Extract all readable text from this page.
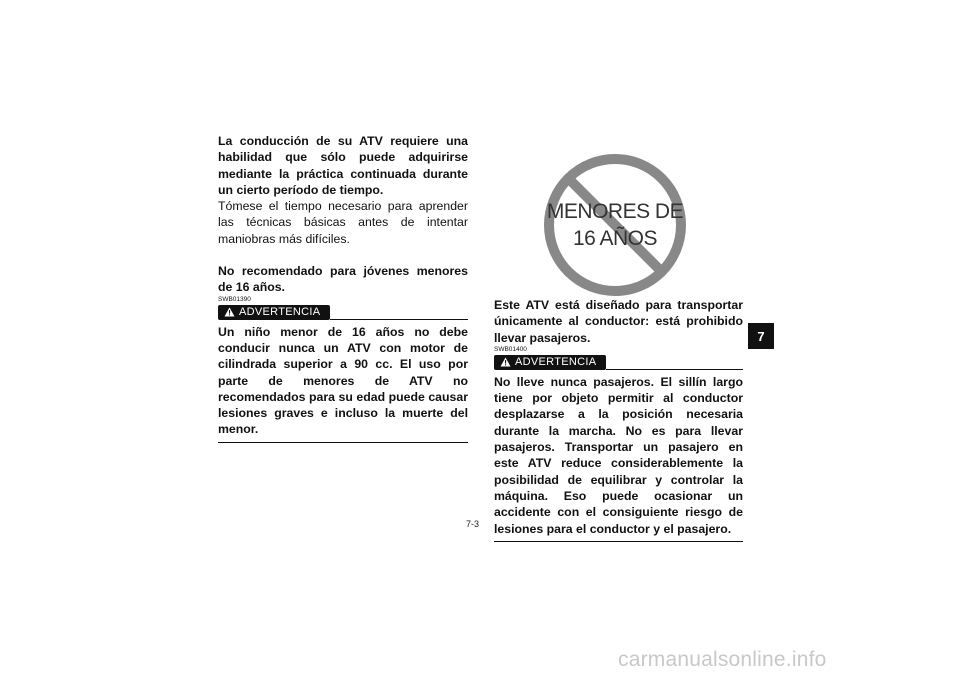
La conducción de su ATV requiere una habilidad que sólo puede adquirirse mediante la práctica continuada durante un cierto período de tiempo.

Tómese el tiempo necesario para aprender las técnicas básicas antes de intentar maniobras más difíciles.

No recomendado para jóvenes menores de 16 años.

SWB01390

ADVERTENCIA

Un niño menor de 16 años no debe conducir nunca un ATV con motor de cilindrada superior a 90 cc. El uso por parte de menores de ATV no recomendados para su edad puede causar lesiones graves e incluso la muerte del menor.

MENORES DE
16 AÑOS

Este ATV está diseñado para transportar únicamente al conductor: está prohibido llevar pasajeros.

SWB01400

ADVERTENCIA

No lleve nunca pasajeros. El sillín largo tiene por objeto permitir al conductor desplazarse a la posición necesaria durante la marcha. No es para llevar pasajeros. Transportar un pasajero en este ATV reduce considerablemente la posibilidad de equilibrar y controlar la máquina. Eso puede ocasionar un accidente con el consiguiente riesgo de lesiones para el conductor y el pasajero.

7
7-3
carmanualsonline.info
